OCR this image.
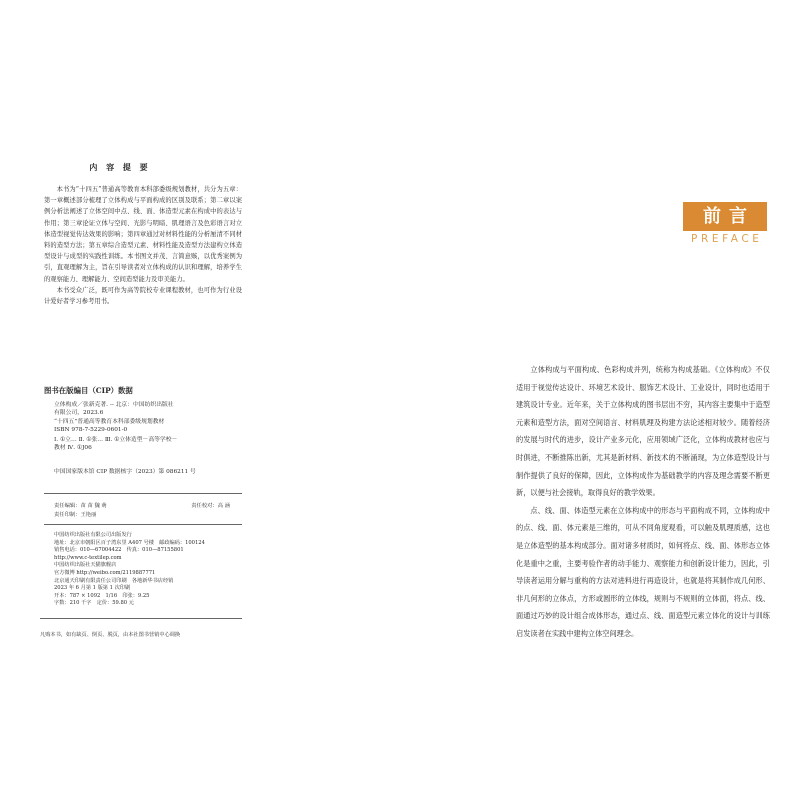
内 容 提 要

本书为“十四五”普通高等教育本科部委级规划教材，共分为五章：第一章概述部分梳理了立体构成与平面构成的区别及联系；第二章以案例分析法阐述了立体空间中点、线、面、体造型元素在构成中的表达与作用；第三章论证立体与空间、光影与明暗、肌理语言及色彩语言对立体造型视觉传达效果的影响；第四章通过对材料性能的分析厘清不同材料的造型方法；第五章综合造型元素、材料性能及造型方法建构立体造型设计与成型的实践性训练。本书图文并茂、言简意赅，以优秀案例为引，直观理解为主，旨在引导读者对立体构成的认识和理解，培养学生的观察能力、理解能力、空间造型能力及审美能力。

本书受众广泛，既可作为高等院校专业课程教材，也可作为行业设计爱好者学习参考用书。

图书在版编目（CIP）数据

立体构成／张新克著. -- 北京：中国纺织出版社

有限公司，2023.6

“十四五”普通高等教育本科部委级规划教材

ISBN 978-7-5229-0601-0

Ⅰ. ①立… Ⅱ. ①张… Ⅲ. ①立体造型－高等学校－

教材 Ⅳ. ①J06

中国国家版本馆 CIP 数据核字（2023）第 086211 号
责任编辑：苗 苗 魏 萌	责任校对：高 涵
责任印制：王艳丽

中国纺织出版社有限公司出版发行

地址：北京市朝阳区百子湾东里 A407 号楼　邮政编码：100124

销售电话：010—67004422　传真：010—87155801

http://www.c-textilep.com

中国纺织出版社天猫旗舰店

官方微博 http://weibo.com/2119887771

北京通天印刷有限责任公司印刷　各地新华书店经销

2023 年 6 月第 1 版第 1 次印刷

开本：787 × 1092　1/16　印张：9.25

字数：210 千字　定价：59.80 元

凡购本书，如有缺页、倒页、脱页，由本社图书营销中心调换
前言
PREFACE

立体构成与平面构成、色彩构成并列，统称为构成基础。《立体构成》不仅适用于视觉传达设计、环境艺术设计、服饰艺术设计、工业设计，同时也适用于建筑设计专业。近年来，关于立体构成的图书层出不穷，其内容主要集中于造型元素和造型方法，面对空间语言、材料肌理及构建方法论述相对较少。随着经济的发展与时代的进步，设计产业多元化，应用领域广泛化，立体构成教材也应与时俱进，不断推陈出新，尤其是新材料、新技术的不断涌现，为立体造型设计与制作提供了良好的保障，因此，立体构成作为基础教学的内容及理念需要不断更新，以便与社会接轨，取得良好的教学效果。

点、线、面、体造型元素在立体构成中的形态与平面构成不同，立体构成中的点、线、面、体元素是三维的，可从不同角度观看，可以触及肌理质感，这也是立体造型的基本构成部分。面对诸多材质时，如何将点、线、面、体形态立体化是重中之重，主要考验作者的动手能力、观察能力和创新设计能力，因此，引导读者运用分解与重构的方法对进料进行再造设计，也就是将其制作成几何形、非几何形的立体点，方形或圆形的立体线，规则与不规则的立体面，将点、线、面通过巧妙的设计组合成体形态，通过点、线、面造型元素立体化的设计与训练启发读者在实践中建构立体空间理念。
